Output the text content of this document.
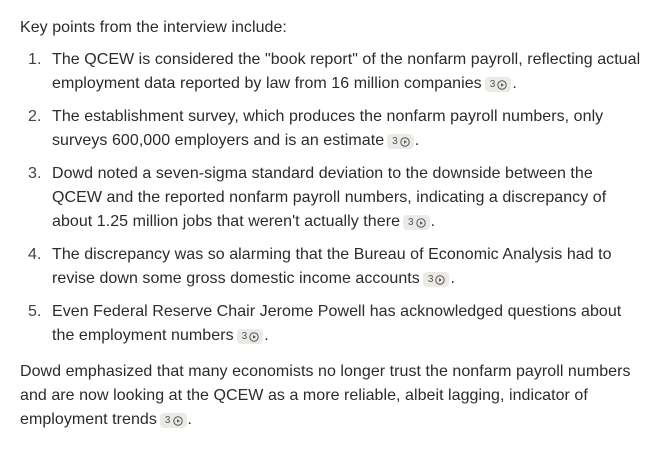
Key points from the interview include:

1. The QCEW is considered the "book report" of the nonfarm payroll, reflecting actual employment data reported by law from 16 million companies 3 .
2. The establishment survey, which produces the nonfarm payroll numbers, only surveys 600,000 employers and is an estimate 3 .
3. Dowd noted a seven-sigma standard deviation to the downside between the QCEW and the reported nonfarm payroll numbers, indicating a discrepancy of about 1.25 million jobs that weren't actually there 3 .
4. The discrepancy was so alarming that the Bureau of Economic Analysis had to revise down some gross domestic income accounts 3 .
5. Even Federal Reserve Chair Jerome Powell has acknowledged questions about the employment numbers 3 .

Dowd emphasized that many economists no longer trust the nonfarm payroll numbers and are now looking at the QCEW as a more reliable, albeit lagging, indicator of employment trends 3 .
